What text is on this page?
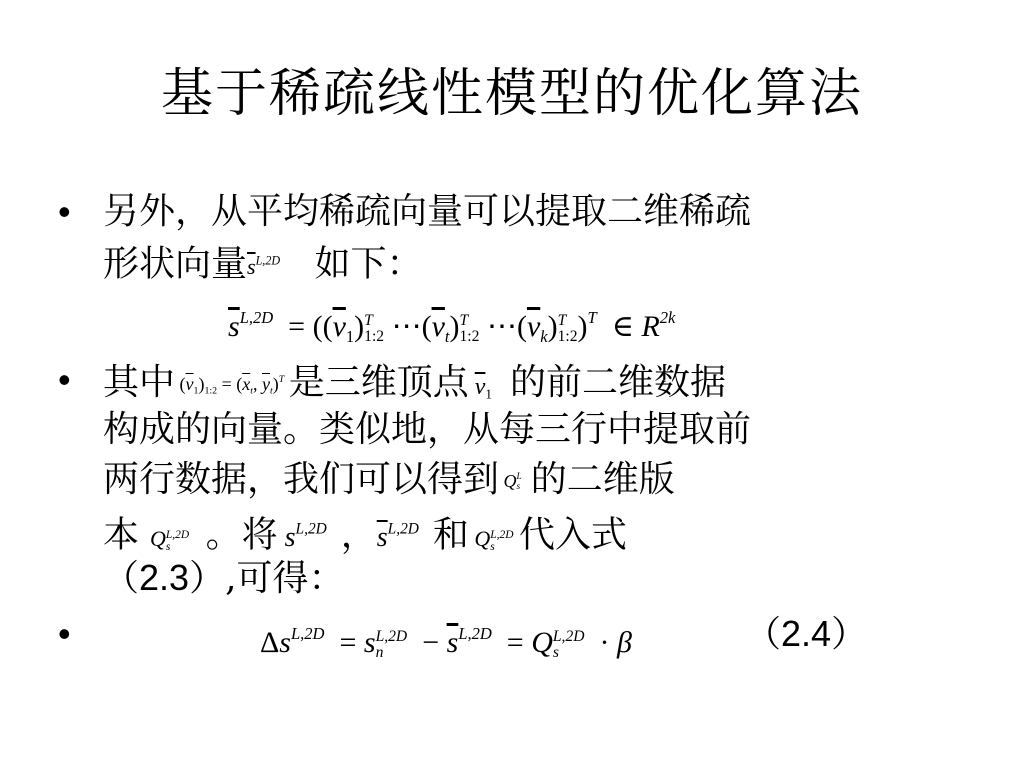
基于稀疏线性模型的优化算法
• 另外，从平均稀疏向量可以提取二维稀疏
形状向量$\overline{s}^{L,2D}$ 如下：
$\overline{s}^{L,2D} = ((\overline{v}_1)$ T
1:2 $\cdots(\overline{v}_t)$ T
1:2 $\cdots(\overline{v}_k)$ T
1:2 )$^T$  ∈ $R^{2k}$
• 其中 $(\overline{v}_1)_{1:2} = (\overline{x}_t$, $\overline{y}_t)^T$ 是三维顶点 $\overline{v}_1$ 的前二维数据
构成的向量。类似地，从每三行中提取前
两行数据，我们可以得到 Q L
s 的二维版
本  Q L,2D
s 。将 $s^{L,2D}$ ，$\overline{s}^{L,2D}$ 和 Q L,2D
s 代入式
（2.3）,可得：
•	$\Delta s^{L,2D} = s$ L,2D
n	− $\overline{s}^{L,2D} = Q$ L,2D
s	· β	（2.4）
